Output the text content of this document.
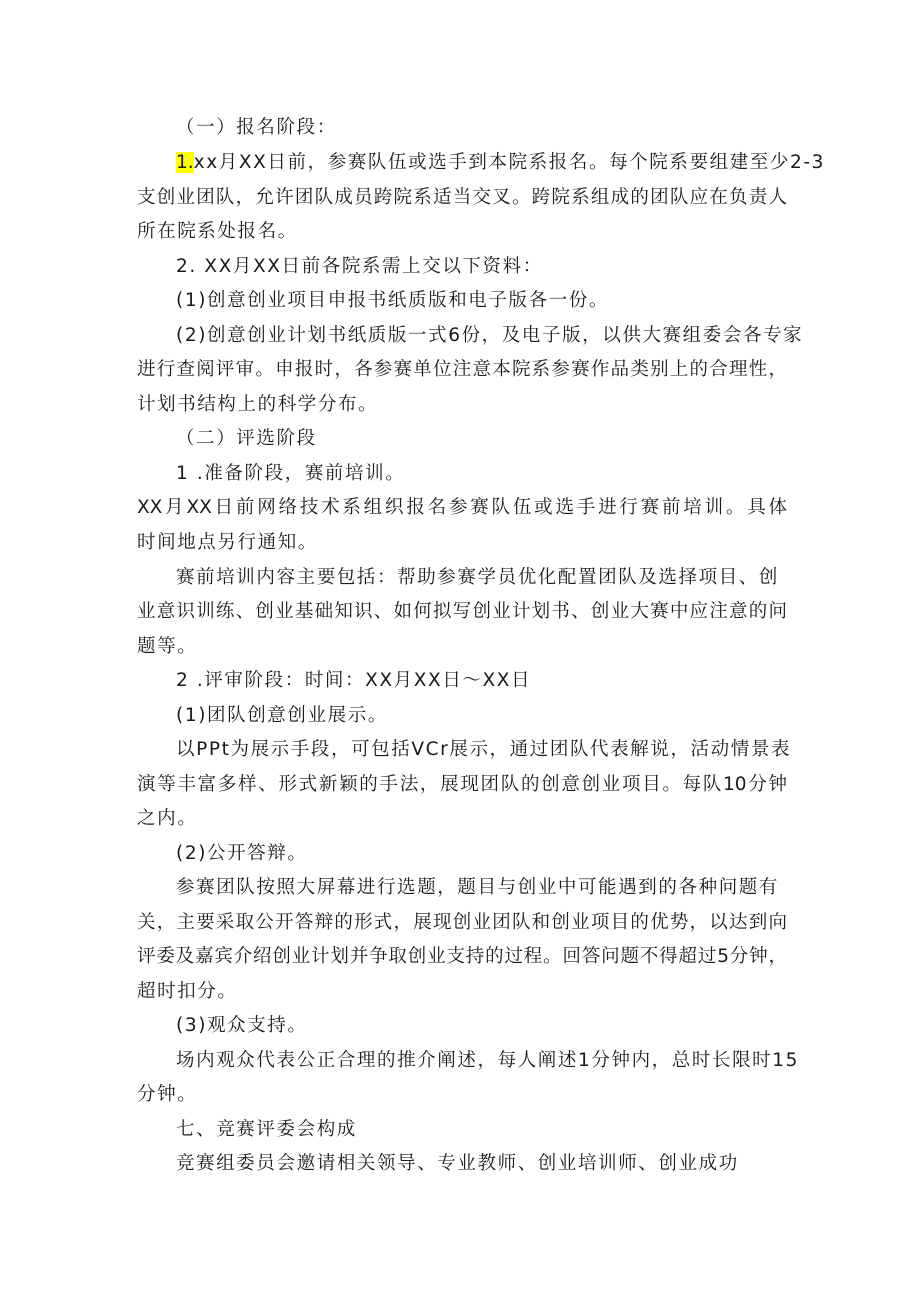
（一）报名阶段：
1.xx月XX日前，参赛队伍或选手到本院系报名。每个院系要组建至少2-3
支创业团队，允许团队成员跨院系适当交叉。跨院系组成的团队应在负责人
所在院系处报名。
2. XX月XX日前各院系需上交以下资料：
(1)创意创业项目申报书纸质版和电子版各一份。
(2)创意创业计划书纸质版一式6份，及电子版，以供大赛组委会各专家
进行查阅评审。申报时，各参赛单位注意本院系参赛作品类别上的合理性，
计划书结构上的科学分布。
（二）评选阶段
1 .准备阶段，赛前培训。
XX月XX日前网络技术系组织报名参赛队伍或选手进行赛前培训。具体
时间地点另行通知。
赛前培训内容主要包括：帮助参赛学员优化配置团队及选择项目、创
业意识训练、创业基础知识、如何拟写创业计划书、创业大赛中应注意的问
题等。
2 .评审阶段：时间：XX月XX日〜XX日
(1)团队创意创业展示。
以PPt为展示手段，可包括VCr展示，通过团队代表解说，活动情景表
演等丰富多样、形式新颖的手法，展现团队的创意创业项目。每队10分钟
之内。
(2)公开答辩。
参赛团队按照大屏幕进行选题，题目与创业中可能遇到的各种问题有
关，主要采取公开答辩的形式，展现创业团队和创业项目的优势，以达到向
评委及嘉宾介绍创业计划并争取创业支持的过程。回答问题不得超过5分钟，
超时扣分。
(3)观众支持。
场内观众代表公正合理的推介阐述，每人阐述1分钟内，总时长限时15
分钟。
七、竞赛评委会构成
竞赛组委员会邀请相关领导、专业教师、创业培训师、创业成功
